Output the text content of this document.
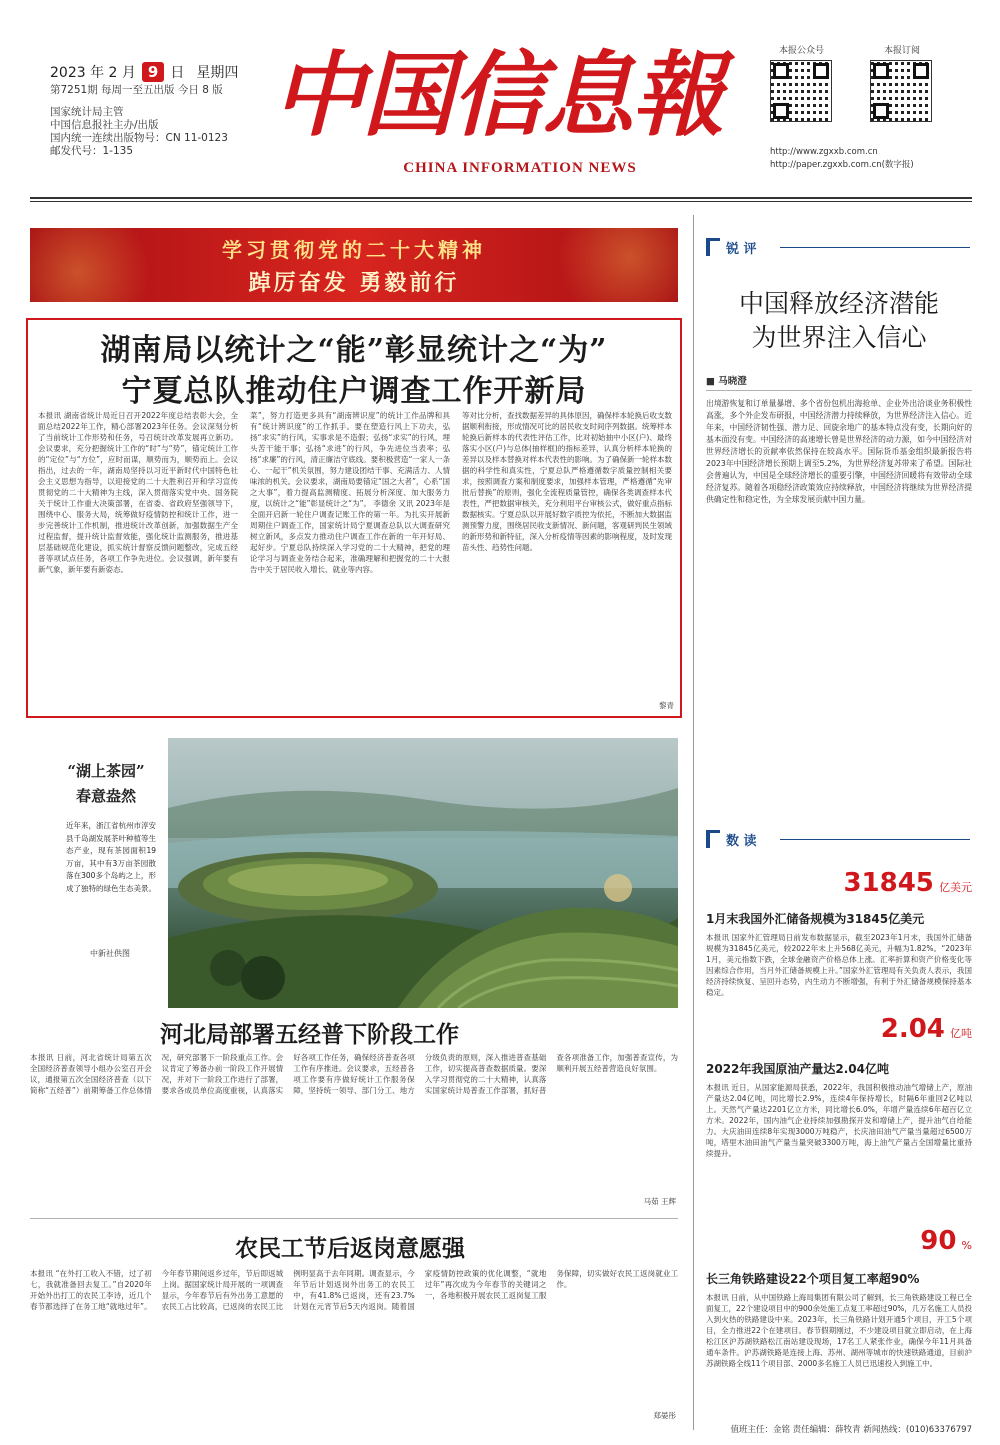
2023 年 2 月 9 日 星期四
第7251期 每周一至五出版 今日 8 版
国家统计局主管
中国信息报社主办/出版
国内统一连续出版物号：CN 11-0123
邮发代号：1-135
中国信息報
CHINA INFORMATION NEWS
本报公众号	本报订阅
http://www.zgxxb.com.cn
http://paper.zgxxb.com.cn(数字报)
学习贯彻党的二十大精神
踔厉奋发 勇毅前行
湖南局以统计之“能”彰显统计之“为”
宁夏总队推动住户调查工作开新局
本报讯 湖南省统计局近日召开2022年度总结表彰大会，全面总结2022年工作，精心部署2023年任务。会议深刻分析了当前统计工作形势和任务，号召统计改革发展再立新功。会议要求，充分把握统计工作的“时”与“势”，锚定统计工作的“定位”与“方位”，应时而谋，顺势而为，顺势而上。会议指出，过去的一年，湖南局坚持以习近平新时代中国特色社会主义思想为指导，以迎接党的二十大胜利召开和学习宣传贯彻党的二十大精神为主线，深入贯彻落实党中央、国务院关于统计工作重大决策部署，在省委、省政府坚强领导下，围绕中心、服务大局，统筹做好疫情防控和统计工作，进一步完善统计工作机制，推进统计改革创新，加强数据生产全过程监督，提升统计监督效能，强化统计监测服务，推进基层基础规范化建设，抓实统计督察反馈问题整改，完成五经普等项试点任务，各项工作争先进位。会议强调，新年要有新气象，新年要有新姿态。
菜”，努力打造更多具有“湖南辨识度”的统计工作品牌和具有“统计辨识度”的工作抓手。要在塑造行风上下功夫，弘扬“求实”的行风，实事求是不造假；弘扬“求实”的行风，埋头苦干能干事；弘扬“求进”的行风，争先进位当表率；弘扬“求廉”的行风，清正廉洁守底线。要积极营造“一家人一条心、一起干”机关氛围，努力建设团结干事、充满活力、人情味浓的机关。会议要求，湖南局要锚定“国之大者”，心系“国之大事”，着力提高监测精度、拓展分析深度、加大服务力度，以统计之“能”彰显统计之“为”。 李德余 又讯 2023年是全面开启新一轮住户调查记账工作的第一年。为扎实开展新周期住户调查工作，国家统计局宁夏调查总队以大调查研究树立新风，多点发力推动住户调查工作在新的一年开好局、起好步。宁夏总队持续深入学习党的二十大精神，把党的理论学习与调查业务结合起来，准确理解和把握党的二十大报告中关于居民收入增长、就业等内容。
等对比分析，查找数据差异的具体原因，确保样本轮换后收支数据顺利衔接，形成情况可比的居民收支时间序列数据。统筹样本轮换后新样本的代表性评估工作，比对初始抽中小区(户)、最终落实小区(户)与总体(抽样框)的指标差异，认真分析样本轮换的差异以及样本替换对样本代表性的影响。为了确保新一轮样本数据的科学性和真实性，宁夏总队严格遵循数字质量控制相关要求，按照调查方案和制度要求，加强样本管理，严格遵循“先审批后替换”的原则，强化全流程质量管控，确保各类调查样本代表性，严把数据审核关，充分利用平台审核公式，做好重点指标数据核实。宁夏总队以开展好数字质控为依托，不断加大数据监测预警力度，围绕居民收支新情况、新问题，客观研判民生领域的新形势和新特征，深入分析疫情等因素的影响程度，及时发现苗头性、趋势性问题。
黎青
“湖上茶园”
春意盎然
近年来，浙江省杭州市淳安县千岛湖发展茶叶种植等生态产业，现有茶园面积19万亩，其中有3万亩茶园散落在300多个岛屿之上，形成了独特的绿色生态美景。
中新社供图
河北局部署五经普下阶段工作
本报讯 日前，河北省统计局第五次全国经济普查领导小组办公室召开会议，通报第五次全国经济普查（以下简称“五经普”）前期筹备工作总体情况，研究部署下一阶段重点工作。会议肯定了筹备办前一阶段工作开展情况，并对下一阶段工作进行了部署，要求各成员单位高度重视，认真落实好各项工作任务，确保经济普查各项工作有序推进。会议要求，五经普各项工作要有序做好统计工作服务保障，坚持统一领导、部门分工、地方分级负责的原则，深入推进普查基础工作，切实提高普查数据质量。要深入学习贯彻党的二十大精神，认真落实国家统计局普查工作部署，抓好普查各项准备工作，加强普查宣传，为顺利开展五经普营造良好氛围。
马茹 王辉
农民工节后返岗意愿强
本报讯 “在外打工收入不错，过了初七，我就准备回去复工。”自2020年开始外出打工的农民工李诗，近几个春节都选择了在务工地“就地过年”。今年春节期间返乡过年，节后即返城上岗。据国家统计局开展的一项调查显示，今年春节后有外出务工意愿的农民工占比较高，已返岗的农民工比例明显高于去年同期。调查显示，今年节后计划返岗外出务工的农民工中，有41.8%已返岗，还有23.7%计划在元宵节后5天内返岗。随着国家疫情防控政策的优化调整，“就地过年”再次成为今年春节的关键词之一，各地积极开展农民工返岗复工服务保障，切实做好农民工返岗就业工作。
郑晏彤
锐 评
中国释放经济潜能
为世界注入信心
■ 马晓澄
出境游恢复和订单量暴增、多个省份包机出海抢单、企业外出洽谈业务积极性高涨，多个外企发布研报，中国经济潜力持续释放，为世界经济注入信心。近年来，中国经济韧性强、潜力足、回旋余地广的基本特点没有变，长期向好的基本面没有变。中国经济的高速增长曾是世界经济的动力源，如今中国经济对世界经济增长的贡献率依然保持在较高水平。国际货币基金组织最新报告将2023年中国经济增长预期上调至5.2%，为世界经济复苏带来了希望。国际社会普遍认为，中国是全球经济增长的重要引擎，中国经济回暖将有效带动全球经济复苏。随着各项稳经济政策效应持续释放，中国经济将继续为世界经济提供确定性和稳定性，为全球发展贡献中国力量。
数 读
31845 亿美元
1月末我国外汇储备规模为31845亿美元
本报讯 国家外汇管理局日前发布数据显示，截至2023年1月末，我国外汇储备规模为31845亿美元，较2022年末上升568亿美元，升幅为1.82%。“2023年1月，美元指数下跌，全球金融资产价格总体上涨。汇率折算和资产价格变化等因素综合作用，当月外汇储备规模上升。”国家外汇管理局有关负责人表示，我国经济持续恢复、呈回升态势，内生动力不断增强，有利于外汇储备规模保持基本稳定。
2.04 亿吨
2022年我国原油产量达2.04亿吨
本报讯 近日，从国家能源局获悉，2022年，我国积极推动油气增储上产，原油产量达2.04亿吨，同比增长2.9%，连续4年保持增长，时隔6年重回2亿吨以上。天然气产量达2201亿立方米，同比增长6.0%，年增产量连续6年超百亿立方米。2022年，国内油气企业持续加强勘探开发和增储上产，提升油气自给能力。大庆油田连续8年实现3000万吨稳产，长庆油田油气产量当量超过6500万吨，塔里木油田油气产量当量突破3300万吨，海上油气产量占全国增量比重持续提升。
90 %
长三角铁路建设22个项目复工率超90%
本报讯 日前，从中国铁路上海局集团有限公司了解到，长三角铁路建设工程已全面复工，22个建设项目中的900余处施工点复工率超过90%，几万名施工人员投入到火热的铁路建设中来。2023年，长三角铁路计划开通5个项目，开工5个项目，全力推进22个在建项目。春节假期刚过，不少建设项目就立即启动，在上海松江区沪苏湖铁路松江南站建设现场，17名工人紧张作业，确保今年11月具备通车条件。沪苏湖铁路是连接上海、苏州、湖州等城市的快速铁路通道，目前沪苏湖铁路全线11个项目部、2000多名施工人员已迅速投入到施工中。
值班主任：金铭 责任编辑：薛牧青 新闻热线：(010)63376797
